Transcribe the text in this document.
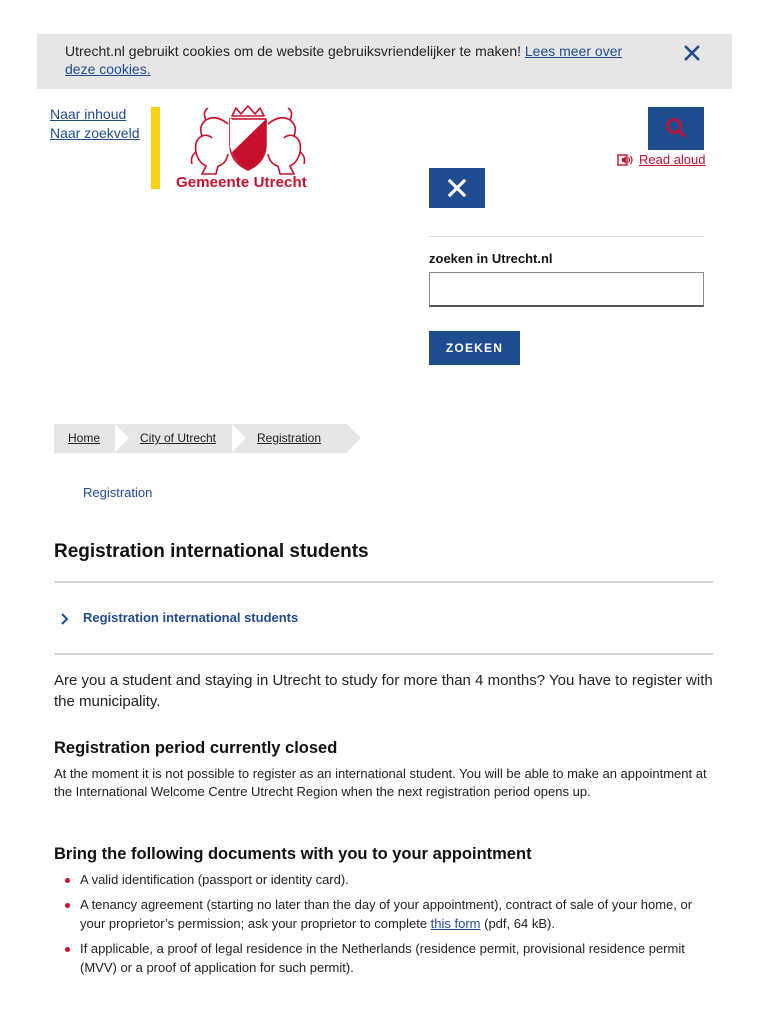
Utrecht.nl gebruikt cookies om de website gebruiksvriendelijker te maken! Lees meer over deze cookies.
Naar inhoud
Naar zoekveld
Gemeente Utrecht
Read aloud
zoeken in Utrecht.nl
ZOEKEN
Home	City of Utrecht	Registration
Registration
Registration international students
Registration international students
Are you a student and staying in Utrecht to study for more than 4 months? You have to register with the municipality.
Registration period currently closed
At the moment it is not possible to register as an international student. You will be able to make an appointment at the International Welcome Centre Utrecht Region when the next registration period opens up.
Bring the following documents with you to your appointment
A valid identification (passport or identity card).
A tenancy agreement (starting no later than the day of your appointment), contract of sale of your home, or your proprietor’s permission; ask your proprietor to complete this form (pdf, 64 kB).
If applicable, a proof of legal residence in the Netherlands (residence permit, provisional residence permit (MVV) or a proof of application for such permit).
